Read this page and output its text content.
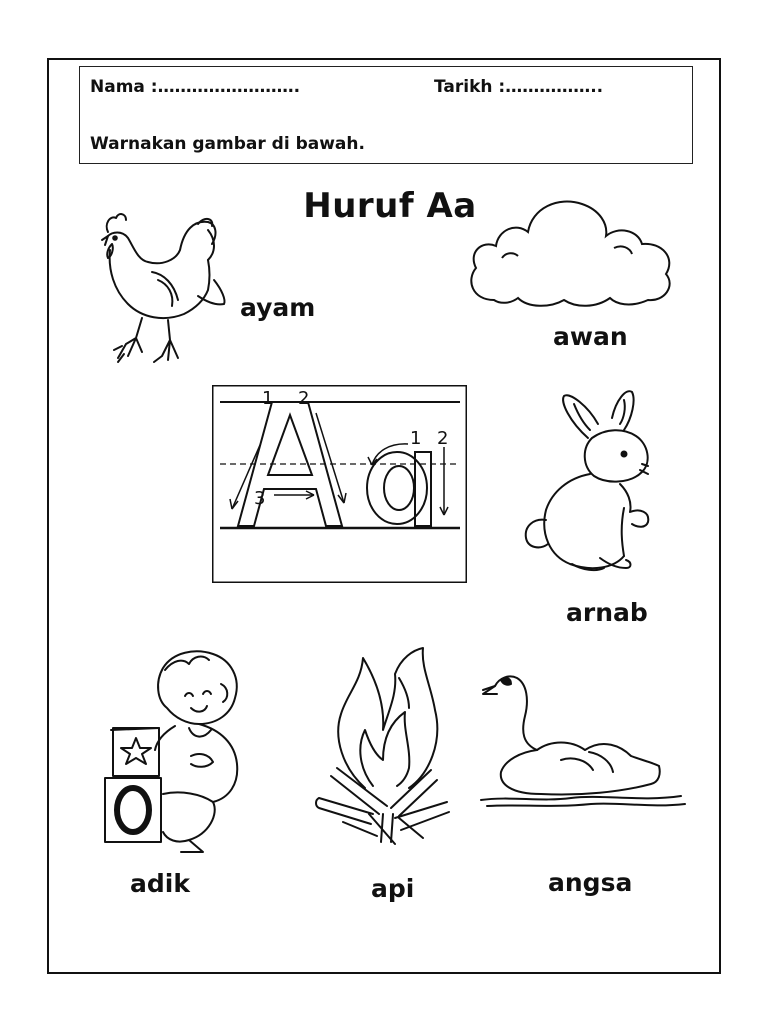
Nama :…………………….	Tarikh :……………..
Warnakan gambar di bawah.
Huruf Aa
ayam
awan
1 2
3
1 2
arnab
adik	api	angsa
